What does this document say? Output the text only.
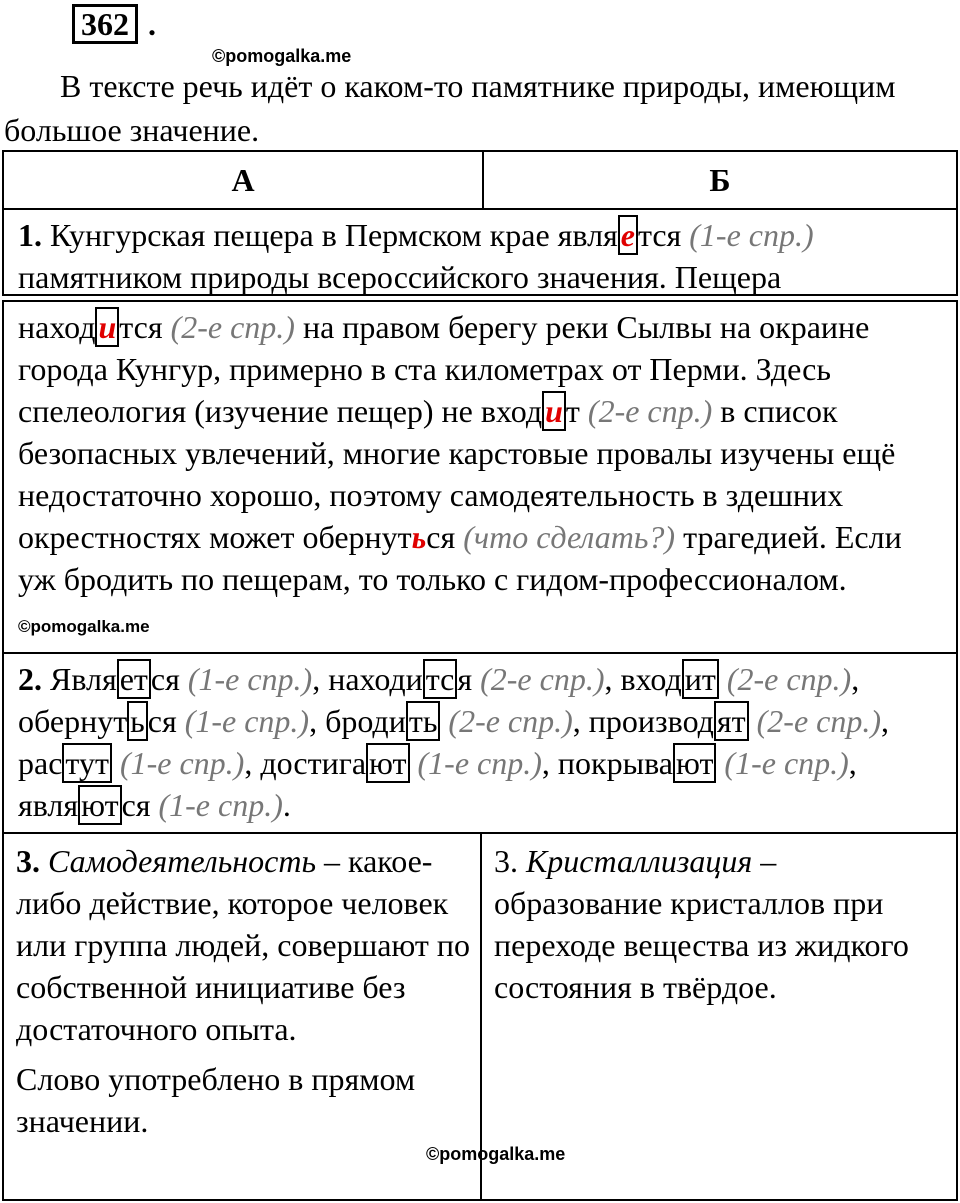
362 .
©pomogalka.me
В тексте речь идёт о каком-то памятнике природы, имеющим большое значение.
А	Б
1. Кунгурская пещера в Пермском крае является (1-е спр.) памятником природы всероссийского значения. Пещера
находится (2-е спр.) на правом берегу реки Сылвы на окраине города Кунгур, примерно в ста километрах от Перми. Здесь спелеология (изучение пещер) не входит (2-е спр.) в список безопасных увлечений, многие карстовые провалы изучены ещё недостаточно хорошо, поэтому самодеятельность в здешних окрестностях может обернуться (что сделать?) трагедией. Если уж бродить по пещерам, то только с гидом-профессионалом. ©pomogalka.me
2. Является (1-е спр.), находится (2-е спр.), входит (2-е спр.), обернуться (1-е спр.), бродить (2-е спр.), производят (2-е спр.), растут (1-е спр.), достигают (1-е спр.), покрывают (1-е спр.), являются (1-е спр.).
3. Самодеятельность – какое-либо действие, которое человек или группа людей, совершают по собственной инициативе без достаточного опыта.
Слово употреблено в прямом значении.
3. Кристаллизация – образование кристаллов при переходе вещества из жидкого состояния в твёрдое.
©pomogalka.me
